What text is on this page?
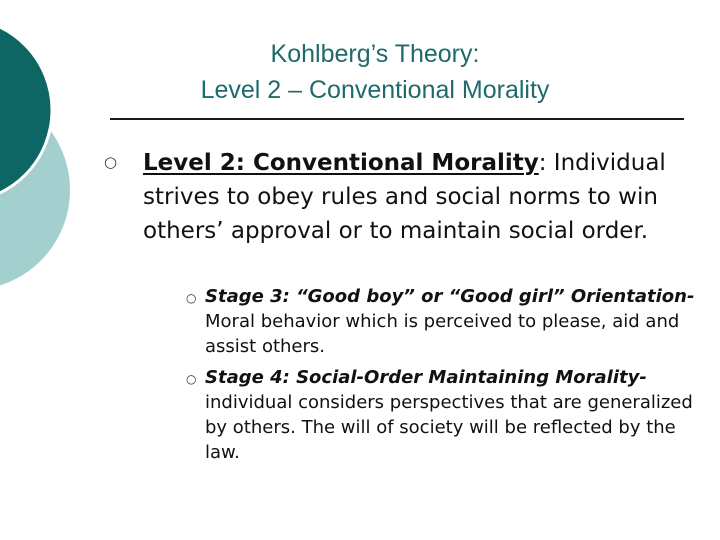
Kohlberg’s Theory:
Level 2 – Conventional Morality
○ Level 2: Conventional Morality: Individual strives to obey rules and social norms to win others’ approval or to maintain social order.
○ Stage 3: “Good boy” or “Good girl” Orientation- Moral behavior which is perceived to please, aid and assist others.
○ Stage 4: Social-Order Maintaining Morality- individual considers perspectives that are generalized by others. The will of society will be reflected by the law.
